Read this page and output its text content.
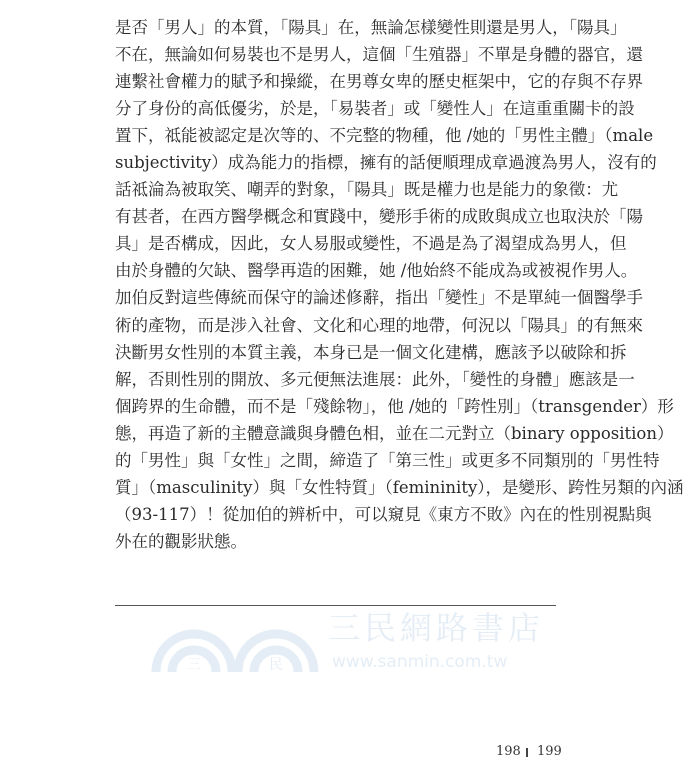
是否「男人」的本質，「陽具」在，無論怎樣變性則還是男人，「陽具」
不在，無論如何易裝也不是男人，這個「生殖器」不單是身體的器官，還
連繫社會權力的賦予和操縱，在男尊女卑的歷史框架中，它的存與不存界
分了身份的高低優劣，於是，「易裝者」或「變性人」在這重重關卡的設
置下，祗能被認定是次等的、不完整的物種，他 /她的「男性主體」（male
subjectivity）成為能力的指標，擁有的話便順理成章過渡為男人，沒有的
話祗淪為被取笑、嘲弄的對象，「陽具」既是權力也是能力的象徵：尤
有甚者，在西方醫學概念和實踐中，變形手術的成敗與成立也取決於「陽
具」是否構成，因此，女人易服或變性，不過是為了渴望成為男人，但
由於身體的欠缺、醫學再造的困難，她 /他始終不能成為或被視作男人。
加伯反對這些傳統而保守的論述修辭，指出「變性」不是單純一個醫學手
術的產物，而是涉入社會、文化和心理的地帶，何況以「陽具」的有無來
決斷男女性別的本質主義，本身已是一個文化建構，應該予以破除和拆
解，否則性別的開放、多元便無法進展：此外，「變性的身體」應該是一
個跨界的生命體，而不是「殘餘物」，他 /她的「跨性別」（transgender）形
態，再造了新的主體意識與身體色相，並在二元對立（binary opposition）
的「男性」與「女性」之間，締造了「第三性」或更多不同類別的「男性特
質」（masculinity）與「女性特質」（femininity），是變形、跨性另類的內涵
（93-117）！從加伯的辨析中，可以窺見《東方不敗》內在的性別視點與
外在的觀影狀態。
三	民
三民網路書店
www.sanmin.com.tw
198 199
